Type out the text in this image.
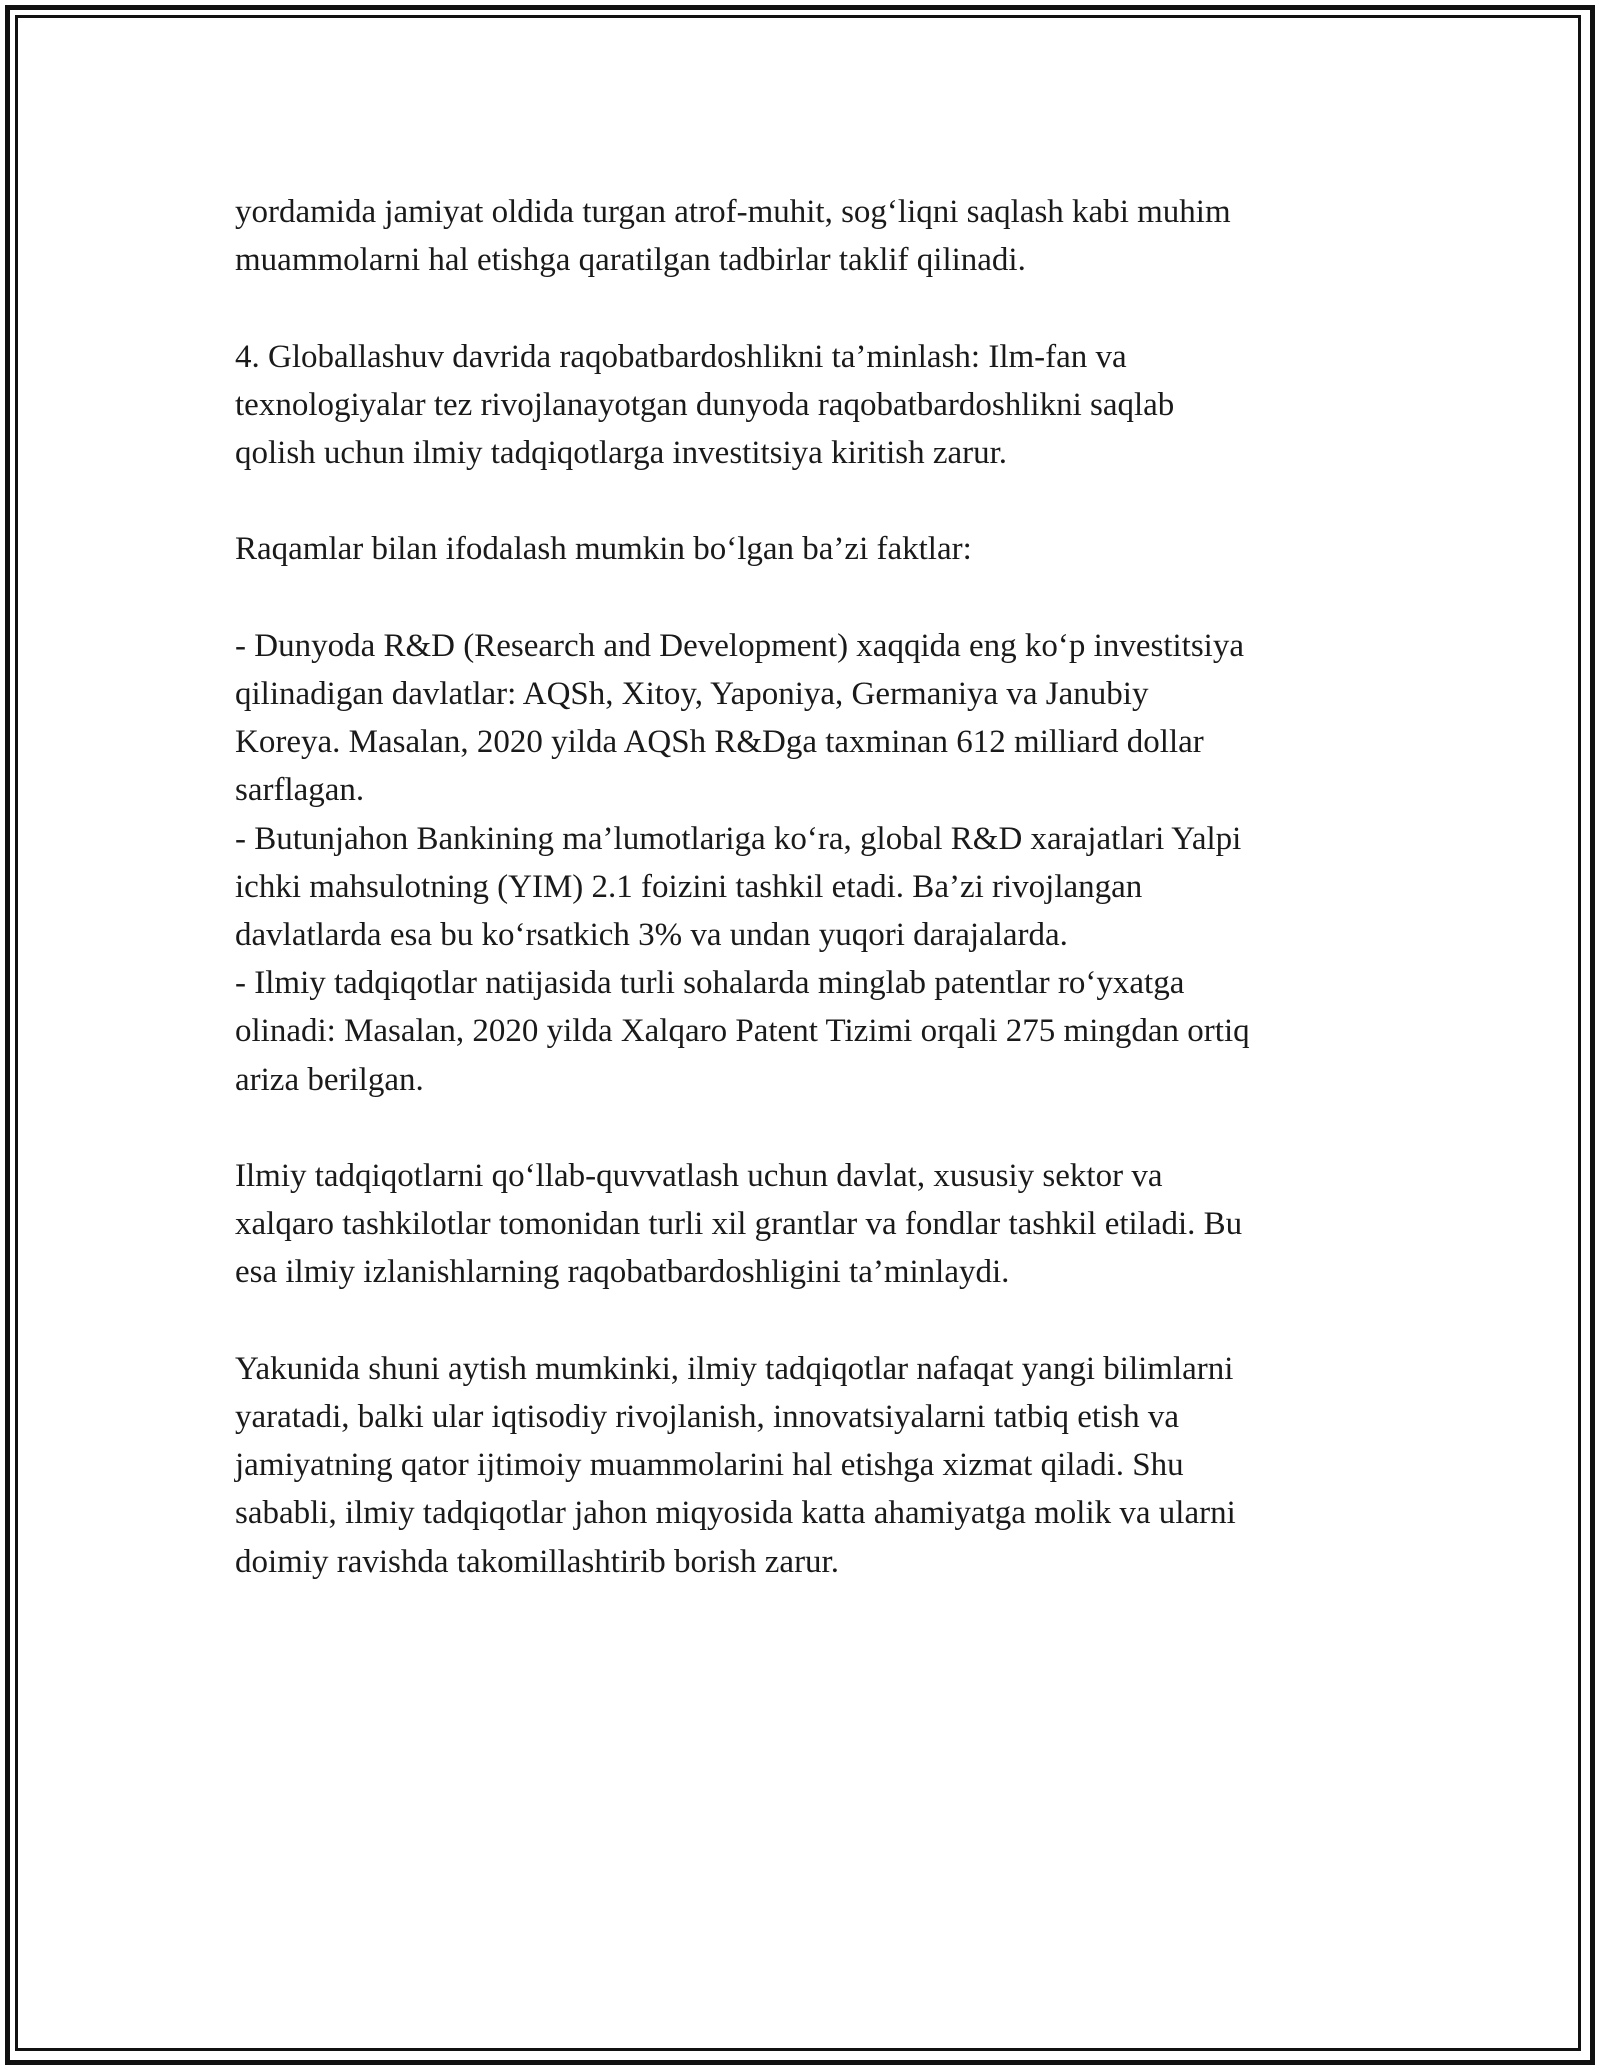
yordamida jamiyat oldida turgan atrof-muhit, sog‘liqni saqlash kabi muhim
muammolarni hal etishga qaratilgan tadbirlar taklif qilinadi.
4. Globallashuv davrida raqobatbardoshlikni ta’minlash: Ilm-fan va
texnologiyalar tez rivojlanayotgan dunyoda raqobatbardoshlikni saqlab
qolish uchun ilmiy tadqiqotlarga investitsiya kiritish zarur.
Raqamlar bilan ifodalash mumkin bo‘lgan ba’zi faktlar:
- Dunyoda R&D (Research and Development) xaqqida eng ko‘p investitsiya
qilinadigan davlatlar: AQSh, Xitoy, Yaponiya, Germaniya va Janubiy
Koreya. Masalan, 2020 yilda AQSh R&Dga taxminan 612 milliard dollar
sarflagan.
- Butunjahon Bankining ma’lumotlariga ko‘ra, global R&D xarajatlari Yalpi
ichki mahsulotning (YIM) 2.1 foizini tashkil etadi. Ba’zi rivojlangan
davlatlarda esa bu ko‘rsatkich 3% va undan yuqori darajalarda.
- Ilmiy tadqiqotlar natijasida turli sohalarda minglab patentlar ro‘yxatga
olinadi: Masalan, 2020 yilda Xalqaro Patent Tizimi orqali 275 mingdan ortiq
ariza berilgan.
Ilmiy tadqiqotlarni qo‘llab-quvvatlash uchun davlat, xususiy sektor va
xalqaro tashkilotlar tomonidan turli xil grantlar va fondlar tashkil etiladi. Bu
esa ilmiy izlanishlarning raqobatbardoshligini ta’minlaydi.
Yakunida shuni aytish mumkinki, ilmiy tadqiqotlar nafaqat yangi bilimlarni
yaratadi, balki ular iqtisodiy rivojlanish, innovatsiyalarni tatbiq etish va
jamiyatning qator ijtimoiy muammolarini hal etishga xizmat qiladi. Shu
sababli, ilmiy tadqiqotlar jahon miqyosida katta ahamiyatga molik va ularni
doimiy ravishda takomillashtirib borish zarur.
